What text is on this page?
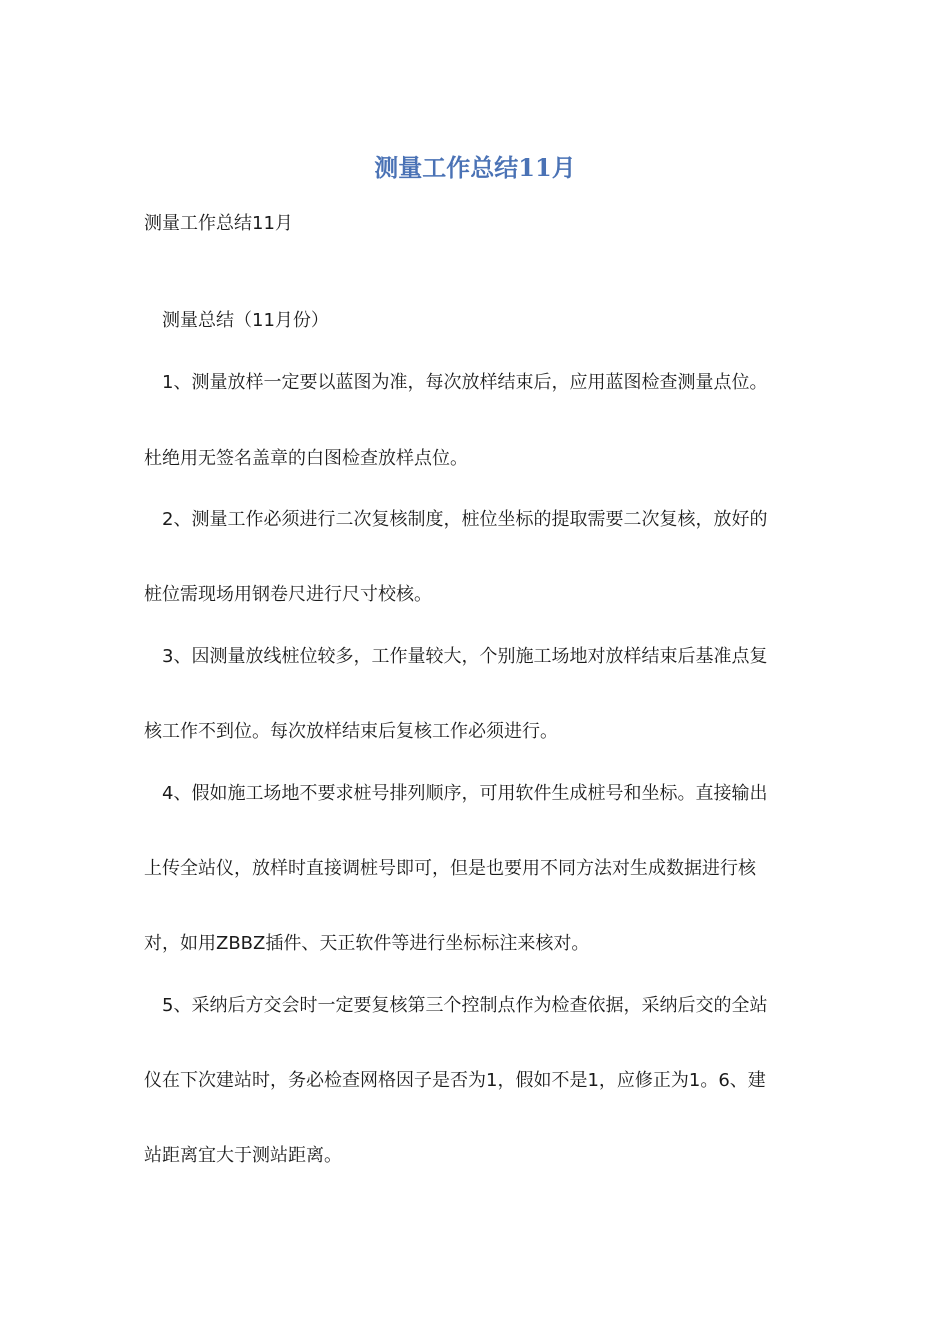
测量工作总结11月
测量工作总结11月
测量总结（11月份）
1、测量放样一定要以蓝图为准，每次放样结束后，应用蓝图检查测量点位。
杜绝用无签名盖章的白图检查放样点位。
2、测量工作必须进行二次复核制度，桩位坐标的提取需要二次复核，放好的
桩位需现场用钢卷尺进行尺寸校核。
3、因测量放线桩位较多，工作量较大，个别施工场地对放样结束后基准点复
核工作不到位。每次放样结束后复核工作必须进行。
4、假如施工场地不要求桩号排列顺序，可用软件生成桩号和坐标。直接输出
上传全站仪，放样时直接调桩号即可，但是也要用不同方法对生成数据进行核
对，如用ZBBZ插件、天正软件等进行坐标标注来核对。
5、采纳后方交会时一定要复核第三个控制点作为检查依据，采纳后交的全站
仪在下次建站时，务必检查网格因子是否为1，假如不是1，应修正为1。6、建
站距离宜大于测站距离。
